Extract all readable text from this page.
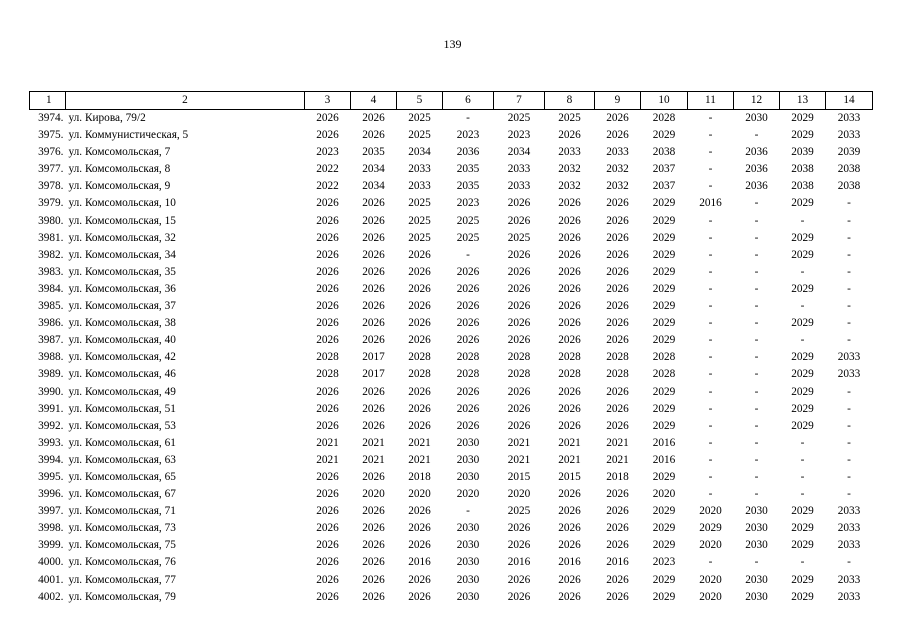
139
1	2	3	4	5	6	7	8	9	10	11	12	13	14
3974.	ул. Кирова, 79/2	2026	2026	2025	-	2025	2025	2026	2028	-	2030	2029	2033
3975.	ул. Коммунистическая, 5	2026	2026	2025	2023	2023	2026	2026	2029	-	-	2029	2033
3976.	ул. Комсомольская, 7	2023	2035	2034	2036	2034	2033	2033	2038	-	2036	2039	2039
3977.	ул. Комсомольская, 8	2022	2034	2033	2035	2033	2032	2032	2037	-	2036	2038	2038
3978.	ул. Комсомольская, 9	2022	2034	2033	2035	2033	2032	2032	2037	-	2036	2038	2038
3979.	ул. Комсомольская, 10	2026	2026	2025	2023	2026	2026	2026	2029	2016	-	2029	-
3980.	ул. Комсомольская, 15	2026	2026	2025	2025	2026	2026	2026	2029	-	-	-	-
3981.	ул. Комсомольская, 32	2026	2026	2025	2025	2025	2026	2026	2029	-	-	2029	-
3982.	ул. Комсомольская, 34	2026	2026	2026	-	2026	2026	2026	2029	-	-	2029	-
3983.	ул. Комсомольская, 35	2026	2026	2026	2026	2026	2026	2026	2029	-	-	-	-
3984.	ул. Комсомольская, 36	2026	2026	2026	2026	2026	2026	2026	2029	-	-	2029	-
3985.	ул. Комсомольская, 37	2026	2026	2026	2026	2026	2026	2026	2029	-	-	-	-
3986.	ул. Комсомольская, 38	2026	2026	2026	2026	2026	2026	2026	2029	-	-	2029	-
3987.	ул. Комсомольская, 40	2026	2026	2026	2026	2026	2026	2026	2029	-	-	-	-
3988.	ул. Комсомольская, 42	2028	2017	2028	2028	2028	2028	2028	2028	-	-	2029	2033
3989.	ул. Комсомольская, 46	2028	2017	2028	2028	2028	2028	2028	2028	-	-	2029	2033
3990.	ул. Комсомольская, 49	2026	2026	2026	2026	2026	2026	2026	2029	-	-	2029	-
3991.	ул. Комсомольская, 51	2026	2026	2026	2026	2026	2026	2026	2029	-	-	2029	-
3992.	ул. Комсомольская, 53	2026	2026	2026	2026	2026	2026	2026	2029	-	-	2029	-
3993.	ул. Комсомольская, 61	2021	2021	2021	2030	2021	2021	2021	2016	-	-	-	-
3994.	ул. Комсомольская, 63	2021	2021	2021	2030	2021	2021	2021	2016	-	-	-	-
3995.	ул. Комсомольская, 65	2026	2026	2018	2030	2015	2015	2018	2029	-	-	-	-
3996.	ул. Комсомольская, 67	2026	2020	2020	2020	2020	2026	2026	2020	-	-	-	-
3997.	ул. Комсомольская, 71	2026	2026	2026	-	2025	2026	2026	2029	2020	2030	2029	2033
3998.	ул. Комсомольская, 73	2026	2026	2026	2030	2026	2026	2026	2029	2029	2030	2029	2033
3999.	ул. Комсомольская, 75	2026	2026	2026	2030	2026	2026	2026	2029	2020	2030	2029	2033
4000.	ул. Комсомольская, 76	2026	2026	2016	2030	2016	2016	2016	2023	-	-	-	-
4001.	ул. Комсомольская, 77	2026	2026	2026	2030	2026	2026	2026	2029	2020	2030	2029	2033
4002.	ул. Комсомольская, 79	2026	2026	2026	2030	2026	2026	2026	2029	2020	2030	2029	2033
